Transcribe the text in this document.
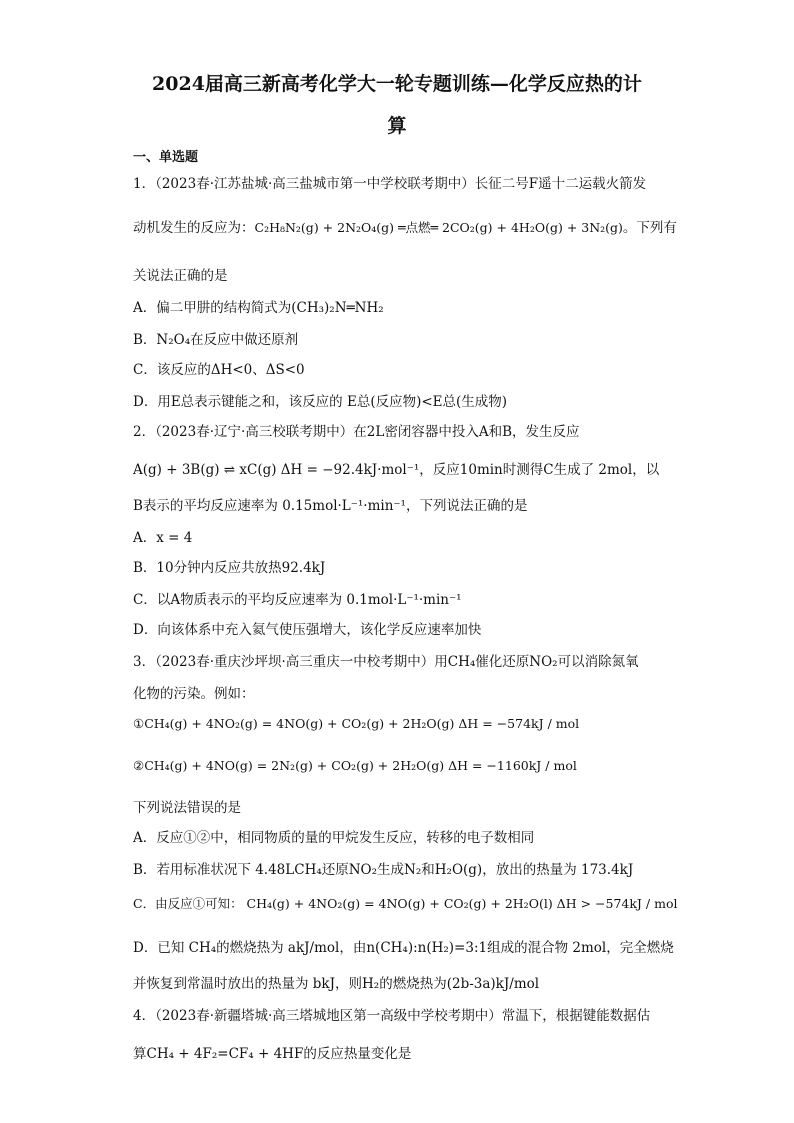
2024届高三新高考化学大一轮专题训练—化学反应热的计
算
一、单选题
1．（2023春·江苏盐城·高三盐城市第一中学校联考期中）长征二号F遥十二运载火箭发
动机发生的反应为：C₂H₈N₂(g) + 2N₂O₄(g) ═点燃═ 2CO₂(g) + 4H₂O(g) + 3N₂(g)。下列有
关说法正确的是
A．偏二甲肼的结构简式为(CH₃)₂N═NH₂
B．N₂O₄在反应中做还原剂
C．该反应的ΔH<0、ΔS<0
D．用E总表示键能之和，该反应的 E总(反应物)<E总(生成物)
2．（2023春·辽宁·高三校联考期中）在2L密闭容器中投入A和B，发生反应
A(g) + 3B(g) ⇌ xC(g) ΔH = −92.4kJ·mol⁻¹，反应10min时测得C生成了 2mol，以
B表示的平均反应速率为 0.15mol·L⁻¹·min⁻¹，下列说法正确的是
A．x = 4
B．10分钟内反应共放热92.4kJ
C．以A物质表示的平均反应速率为 0.1mol·L⁻¹·min⁻¹
D．向该体系中充入氦气使压强增大，该化学反应速率加快
3．（2023春·重庆沙坪坝·高三重庆一中校考期中）用CH₄催化还原NO₂可以消除氮氧
化物的污染。例如：
①CH₄(g) + 4NO₂(g) = 4NO(g) + CO₂(g) + 2H₂O(g) ΔH = −574kJ / mol
②CH₄(g) + 4NO(g) = 2N₂(g) + CO₂(g) + 2H₂O(g) ΔH = −1160kJ / mol
下列说法错误的是
A．反应①②中，相同物质的量的甲烷发生反应，转移的电子数相同
B．若用标准状况下 4.48LCH₄还原NO₂生成N₂和H₂O(g)，放出的热量为 173.4kJ
C．由反应①可知： CH₄(g) + 4NO₂(g) = 4NO(g) + CO₂(g) + 2H₂O(l) ΔH > −574kJ / mol
D．已知 CH₄的燃烧热为 akJ/mol，由n(CH₄):n(H₂)=3:1组成的混合物 2mol，完全燃烧
并恢复到常温时放出的热量为 bkJ，则H₂的燃烧热为(2b-3a)kJ/mol
4．（2023春·新疆塔城·高三塔城地区第一高级中学校考期中）常温下，根据键能数据估
算CH₄ + 4F₂=CF₄ + 4HF的反应热量变化是
